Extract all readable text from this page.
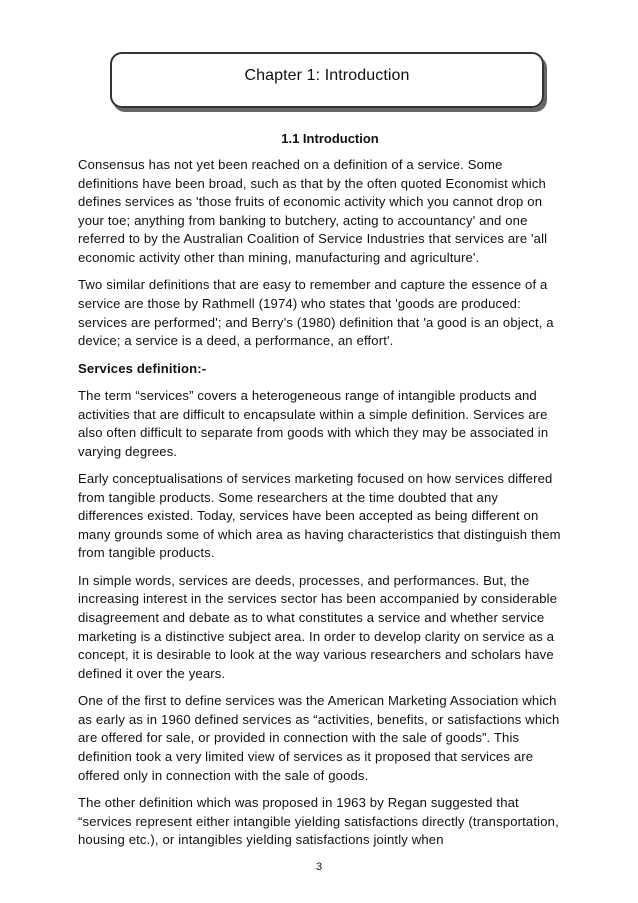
Chapter 1: Introduction
1.1 Introduction

Consensus has not yet been reached on a definition of a service. Some definitions have been broad, such as that by the often quoted Economist which defines services as 'those fruits of economic activity which you cannot drop on your toe; anything from banking to butchery, acting to accountancy' and one referred to by the Australian Coalition of Service Industries that services are 'all economic activity other than mining, manufacturing and agriculture'.

Two similar definitions that are easy to remember and capture the essence of a service are those by Rathmell (1974) who states that 'goods are produced: services are performed'; and Berry’s (1980) definition that 'a good is an object, a device; a service is a deed, a performance, an effort'.

Services definition:-

The term “services” covers a heterogeneous range of intangible products and activities that are difficult to encapsulate within a simple definition. Services are also often difficult to separate from goods with which they may be associated in varying degrees.

Early conceptualisations of services marketing focused on how services differed from tangible products. Some researchers at the time doubted that any differences existed. Today, services have been accepted as being different on many grounds some of which area as having characteristics that distinguish them from tangible products.

In simple words, services are deeds, processes, and performances. But, the increasing interest in the services sector has been accompanied by considerable disagreement and debate as to what constitutes a service and whether service marketing is a distinctive subject area. In order to develop clarity on service as a concept, it is desirable to look at the way various researchers and scholars have defined it over the years.

One of the first to define services was the American Marketing Association which as early as in 1960 defined services as “activities, benefits, or satisfactions which are offered for sale, or provided in connection with the sale of goods”. This definition took a very limited view of services as it proposed that services are offered only in connection with the sale of goods.

The other definition which was proposed in 1963 by Regan suggested that “services represent either intangible yielding satisfactions directly (transportation, housing etc.), or intangibles yielding satisfactions jointly when

3
